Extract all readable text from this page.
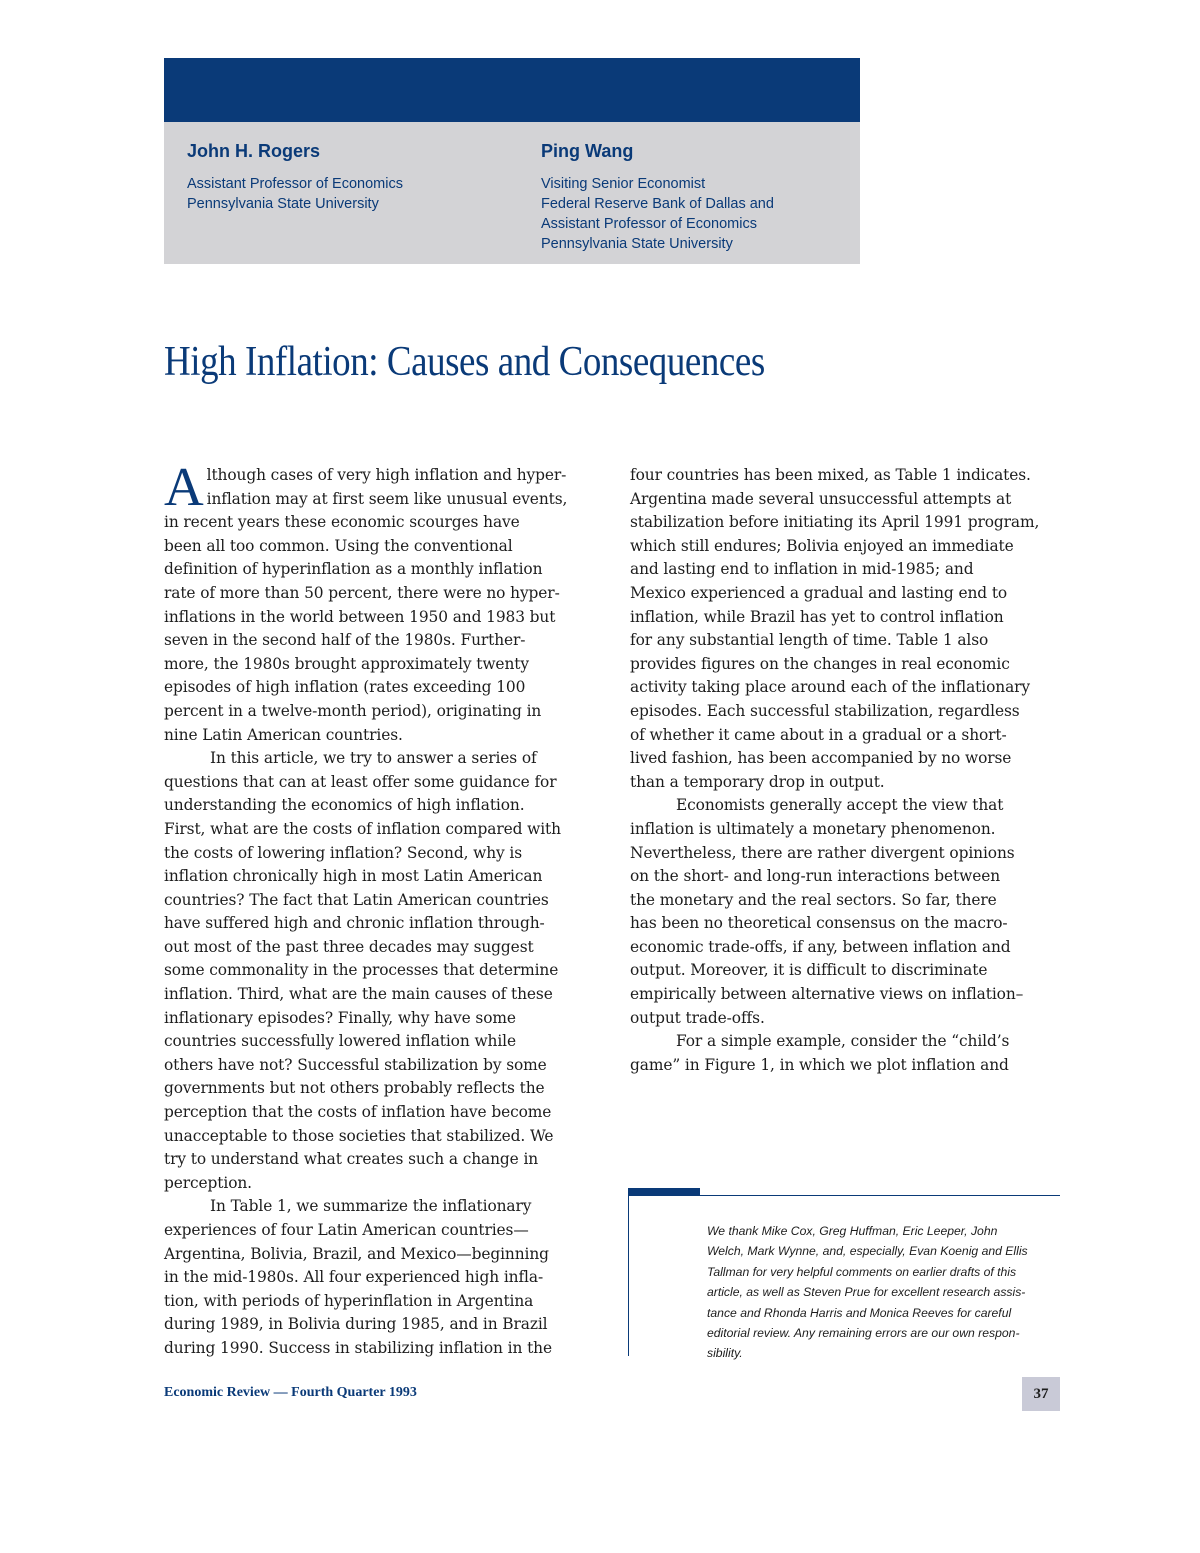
John H. Rogers
Assistant Professor of Economics
Pennsylvania State University
Ping Wang
Visiting Senior Economist
Federal Reserve Bank of Dallas and
Assistant Professor of Economics
Pennsylvania State University
High Inflation: Causes and Consequences
A lthough cases of very high inflation and hyper-
inflation may at first seem like unusual events,
in recent years these economic scourges have
been all too common. Using the conventional
definition of hyperinflation as a monthly inflation
rate of more than 50 percent, there were no hyper-
inflations in the world between 1950 and 1983 but
seven in the second half of the 1980s. Further-
more, the 1980s brought approximately twenty
episodes of high inflation (rates exceeding 100
percent in a twelve-month period), originating in
nine Latin American countries.
In this article, we try to answer a series of
questions that can at least offer some guidance for
understanding the economics of high inflation.
First, what are the costs of inflation compared with
the costs of lowering inflation? Second, why is
inflation chronically high in most Latin American
countries? The fact that Latin American countries
have suffered high and chronic inflation through-
out most of the past three decades may suggest
some commonality in the processes that determine
inflation. Third, what are the main causes of these
inflationary episodes? Finally, why have some
countries successfully lowered inflation while
others have not? Successful stabilization by some
governments but not others probably reflects the
perception that the costs of inflation have become
unacceptable to those societies that stabilized. We
try to understand what creates such a change in
perception.
In Table 1, we summarize the inflationary
experiences of four Latin American countries—
Argentina, Bolivia, Brazil, and Mexico—beginning
in the mid-1980s. All four experienced high infla-
tion, with periods of hyperinflation in Argentina
during 1989, in Bolivia during 1985, and in Brazil
during 1990. Success in stabilizing inflation in the
four countries has been mixed, as Table 1 indicates.
Argentina made several unsuccessful attempts at
stabilization before initiating its April 1991 program,
which still endures; Bolivia enjoyed an immediate
and lasting end to inflation in mid-1985; and
Mexico experienced a gradual and lasting end to
inflation, while Brazil has yet to control inflation
for any substantial length of time. Table 1 also
provides figures on the changes in real economic
activity taking place around each of the inflationary
episodes. Each successful stabilization, regardless
of whether it came about in a gradual or a short-
lived fashion, has been accompanied by no worse
than a temporary drop in output.
Economists generally accept the view that
inflation is ultimately a monetary phenomenon.
Nevertheless, there are rather divergent opinions
on the short- and long-run interactions between
the monetary and the real sectors. So far, there
has been no theoretical consensus on the macro-
economic trade-offs, if any, between inflation and
output. Moreover, it is difficult to discriminate
empirically between alternative views on inflation–
output trade-offs.
For a simple example, consider the “child’s
game” in Figure 1, in which we plot inflation and
We thank Mike Cox, Greg Huffman, Eric Leeper, John
Welch, Mark Wynne, and, especially, Evan Koenig and Ellis
Tallman for very helpful comments on earlier drafts of this
article, as well as Steven Prue for excellent research assis-
tance and Rhonda Harris and Monica Reeves for careful
editorial review. Any remaining errors are our own respon-
sibility.
Economic Review — Fourth Quarter 1993	37
